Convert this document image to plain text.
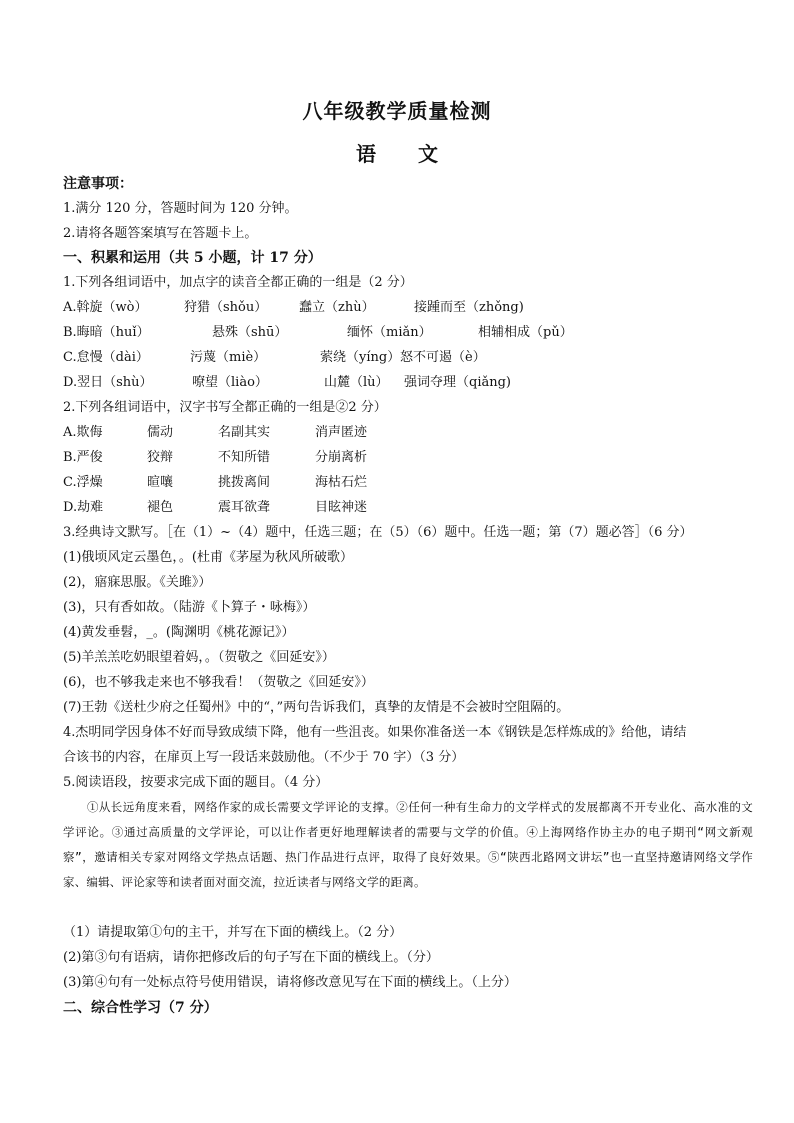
八年级教学质量检测
语 文
注意事项：
1.满分 120 分，答题时间为 120 分钟。
2.请将各题答案填写在答题卡上。
一、积累和运用（共 5 小题，计 17 分）
1.下列各组词语中，加点字的读音全都正确的一组是（2 分）
A.斡旋（wò）	狩猎（shǒu） 蠢立（zhù）	接踵而至（zhǒng)
B.晦暗（huǐ）	悬殊（shū）	缅怀（miǎn）	相辅相成（pǔ）
C.怠慢（dài）	污蔑（miè）	萦绕（yíng） 怒不可遏（è）
D.翌日（shù）	嘹望（liào）	山麓（lù） 强词夺理（qiǎng)
2.下列各组词语中，汉字书写全都正确的一组是②2 分）
A.欺侮	儒动	名副其实	消声匿迹
B.严俊	狡辩	不知所错	分崩离析
C.浮燥	暄嚷	挑拨离间	海枯石烂
D.劫难	褪色	震耳欲聋	目眩神迷
3.经典诗文默写。［在（1）~（4）题中，任选三题；在（5）（6）题中。任选一题；第（7）题必答］（6 分）
(1)俄顷风定云墨色，。(杜甫《茅屋为秋风所破歌）
(2)，寤寐思服。《关雎》）
(3)，只有香如故。（陆游《卜算子・咏梅》）
(4)黄发垂髫，_。(陶渊明《桃花源记》）
(5)羊羔羔吃奶眼望着妈，。（贺敬之《回延安》）
(6)，也不够我走来也不够我看！（贺敬之《回延安》）
(7)王勃《送杜少府之任蜀州》中的“，”两句告诉我们，真挚的友情是不会被时空阻隔的。
4.杰明同学因身体不好而导致成绩下降，他有一些沮丧。如果你准备送一本《钢铁是怎样炼成的》给他，请结
合该书的内容，在扉页上写一段话来鼓励他。（不少于 70 字）（3 分）
5.阅读语段，按要求完成下面的题目。（4 分）
①从长远角度来看，网络作家的成长需要文学评论的支撑。②任何一种有生命力的文学样式的发展都离不开专业化、高水准的文学评论。③通过高质量的文学评论，可以让作者更好地理解读者的需要与文学的价值。④上海网络作协主办的电子期刊“网文新观察”，邀请相关专家对网络文学热点话题、热门作品进行点评，取得了良好效果。⑤“陕西北路网文讲坛”也一直坚持邀请网络文学作家、编辑、评论家等和读者面对面交流，拉近读者与网络文学的距离。
（1）请提取第①句的主干，并写在下面的横线上。（2 分）
(2)第③句有语病，请你把修改后的句子写在下面的横线上。（分）
(3)第④句有一处标点符号使用错误，请将修改意见写在下面的横线上。（上分）
二、综合性学习（7 分）
